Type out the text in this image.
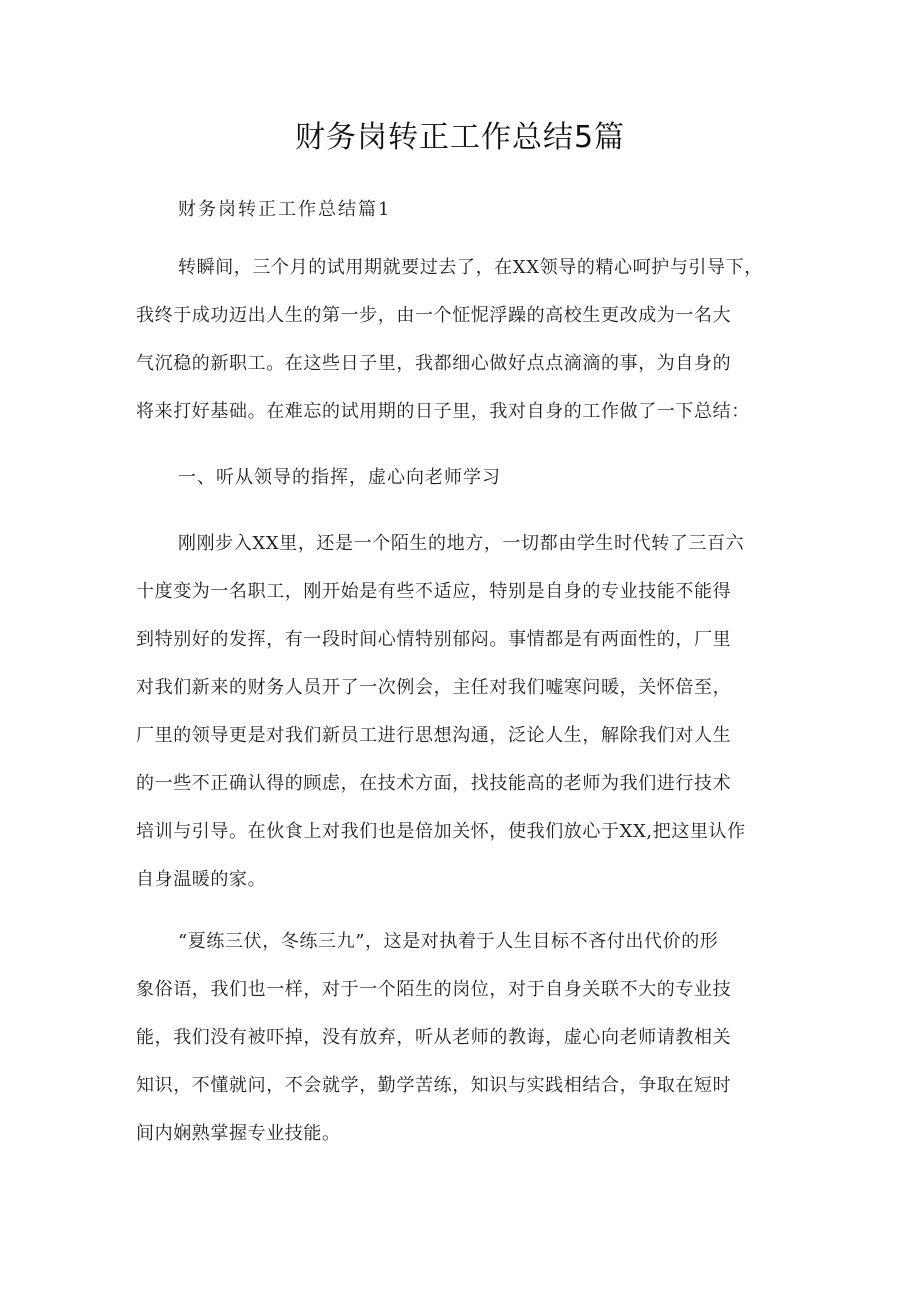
财务岗转正工作总结5篇
财务岗转正工作总结篇1
转瞬间，三个月的试用期就要过去了，在XX领导的精心呵护与引导下，
我终于成功迈出人生的第一步，由一个怔怩浮躁的高校生更改成为一名大
气沉稳的新职工。在这些日子里，我都细心做好点点滴滴的事，为自身的
将来打好基础。在难忘的试用期的日子里，我对自身的工作做了一下总结：
一、听从领导的指挥，虚心向老师学习
刚刚步入XX里，还是一个陌生的地方，一切都由学生时代转了三百六
十度变为一名职工，刚开始是有些不适应，特别是自身的专业技能不能得
到特别好的发挥，有一段时间心情特别郁闷。事情都是有两面性的，厂里
对我们新来的财务人员开了一次例会，主任对我们嘘寒问暖，关怀倍至，
厂里的领导更是对我们新员工进行思想沟通，泛论人生，解除我们对人生
的一些不正确认得的顾虑，在技术方面，找技能高的老师为我们进行技术
培训与引导。在伙食上对我们也是倍加关怀，使我们放心于XX,把这里认作
自身温暖的家。
“夏练三伏，冬练三九”，这是对执着于人生目标不吝付出代价的形
象俗语，我们也一样，对于一个陌生的岗位，对于自身关联不大的专业技
能，我们没有被吓掉，没有放弃，听从老师的教诲，虚心向老师请教相关
知识，不懂就问，不会就学，勤学苦练，知识与实践相结合，争取在短时
间内娴熟掌握专业技能。
